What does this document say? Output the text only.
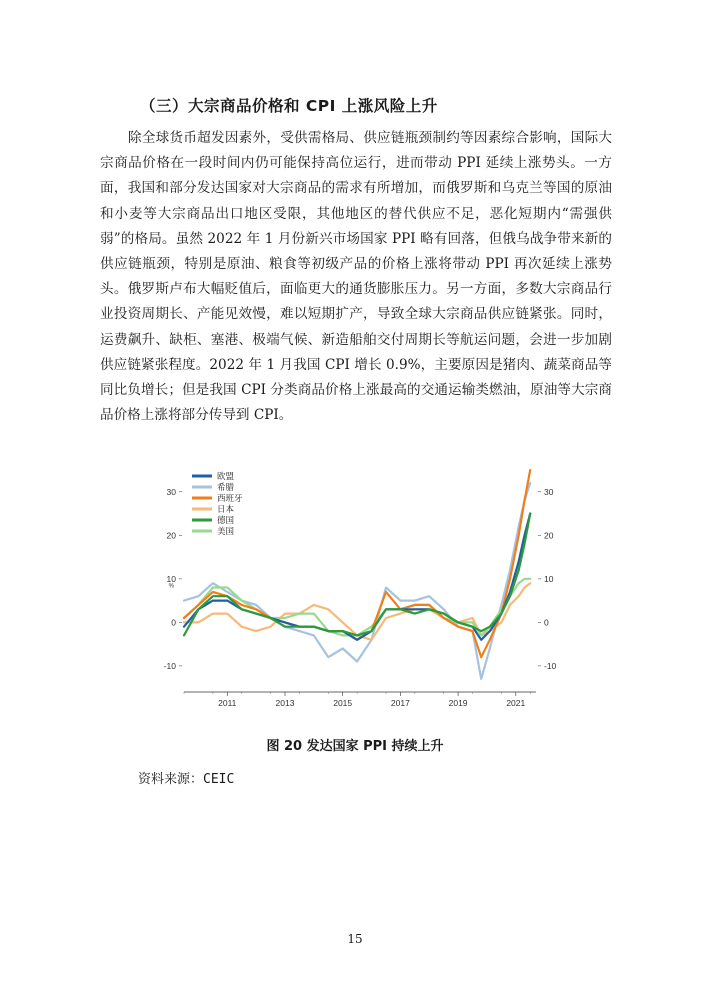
（三）大宗商品价格和 CPI 上涨风险上升

除全球货币超发因素外，受供需格局、供应链瓶颈制约等因素综合影响，国际大宗商品价格在一段时间内仍可能保持高位运行，进而带动 PPI 延续上涨势头。一方面，我国和部分发达国家对大宗商品的需求有所增加，而俄罗斯和乌克兰等国的原油和小麦等大宗商品出口地区受限，其他地区的替代供应不足，恶化短期内“需强供弱”的格局。虽然 2022 年 1 月份新兴市场国家 PPI 略有回落，但俄乌战争带来新的供应链瓶颈，特别是原油、粮食等初级产品的价格上涨将带动 PPI 再次延续上涨势头。俄罗斯卢布大幅贬值后，面临更大的通货膨胀压力。另一方面，多数大宗商品行业投资周期长、产能见效慢，难以短期扩产，导致全球大宗商品供应链紧张。同时，运费飙升、缺柜、塞港、极端气候、新造船舶交付周期长等航运问题，会进一步加剧供应链紧张程度。2022 年 1 月我国 CPI 增长 0.9%，主要原因是猪肉、蔬菜商品等同比负增长；但是我国 CPI 分类商品价格上涨最高的交通运输类燃油，原油等大宗商品价格上涨将部分传导到 CPI。

30	30
20	20
10	10
0	0
-10	-10
%
2011	2013	2015	2017	2019	2021
欧盟
希腊
西班牙
日本
德国
美国
图 20 发达国家 PPI 持续上升
资料来源：CEIC
15
